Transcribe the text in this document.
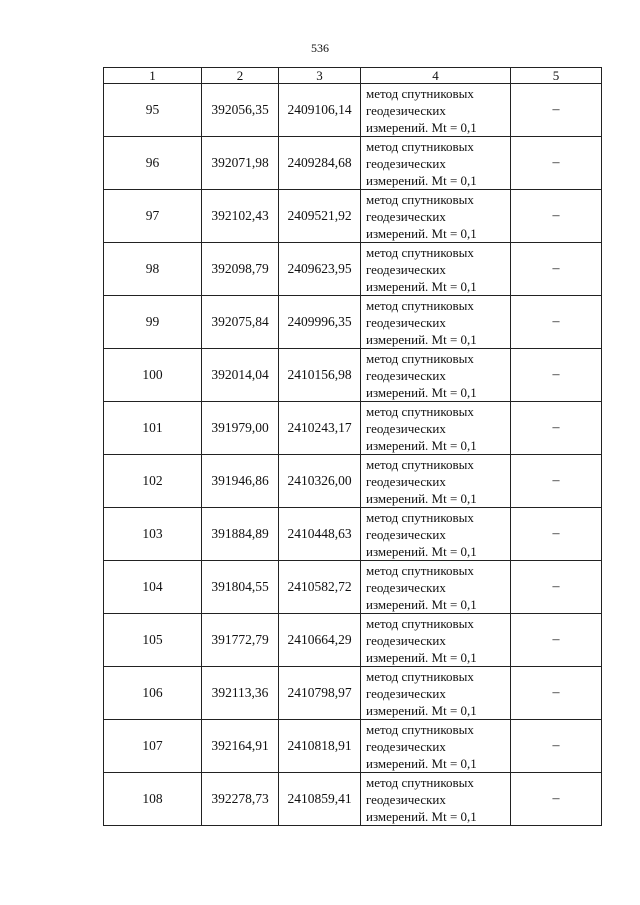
536
1	2	3	4	5
95	392056,35	2409106,14	метод спутниковых
геодезических
измерений. Mt = 0,1	–
96	392071,98	2409284,68	метод спутниковых
геодезических
измерений. Mt = 0,1	–
97	392102,43	2409521,92	метод спутниковых
геодезических
измерений. Mt = 0,1	–
98	392098,79	2409623,95	метод спутниковых
геодезических
измерений. Mt = 0,1	–
99	392075,84	2409996,35	метод спутниковых
геодезических
измерений. Mt = 0,1	–
100	392014,04	2410156,98	метод спутниковых
геодезических
измерений. Mt = 0,1	–
101	391979,00	2410243,17	метод спутниковых
геодезических
измерений. Mt = 0,1	–
102	391946,86	2410326,00	метод спутниковых
геодезических
измерений. Mt = 0,1	–
103	391884,89	2410448,63	метод спутниковых
геодезических
измерений. Mt = 0,1	–
104	391804,55	2410582,72	метод спутниковых
геодезических
измерений. Mt = 0,1	–
105	391772,79	2410664,29	метод спутниковых
геодезических
измерений. Mt = 0,1	–
106	392113,36	2410798,97	метод спутниковых
геодезических
измерений. Mt = 0,1	–
107	392164,91	2410818,91	метод спутниковых
геодезических
измерений. Mt = 0,1	–
108	392278,73	2410859,41	метод спутниковых
геодезических
измерений. Mt = 0,1	–
